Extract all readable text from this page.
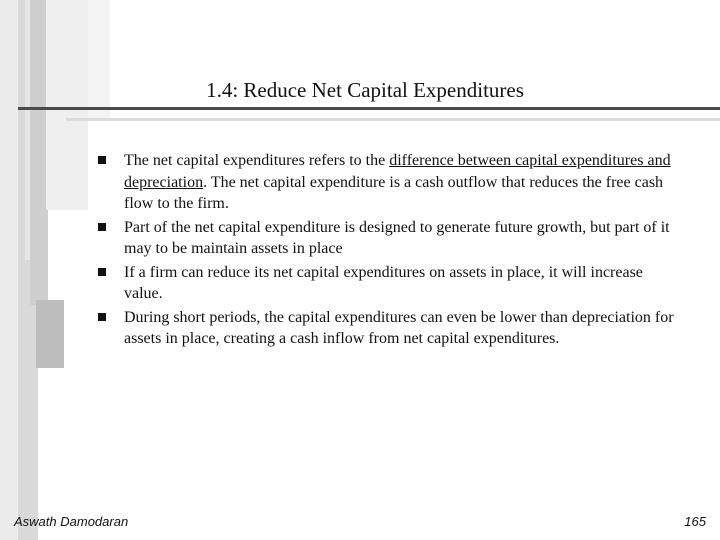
1.4: Reduce Net Capital Expenditures
The net capital expenditures refers to the difference between capital expenditures and depreciation. The net capital expenditure is a cash outflow that reduces the free cash flow to the firm.
Part of the net capital expenditure is designed to generate future growth, but part of it may to be maintain assets in place
If a firm can reduce its net capital expenditures on assets in place, it will increase value.
During short periods, the capital expenditures can even be lower than depreciation for assets in place, creating a cash inflow from net capital expenditures.
Aswath Damodaran	165
